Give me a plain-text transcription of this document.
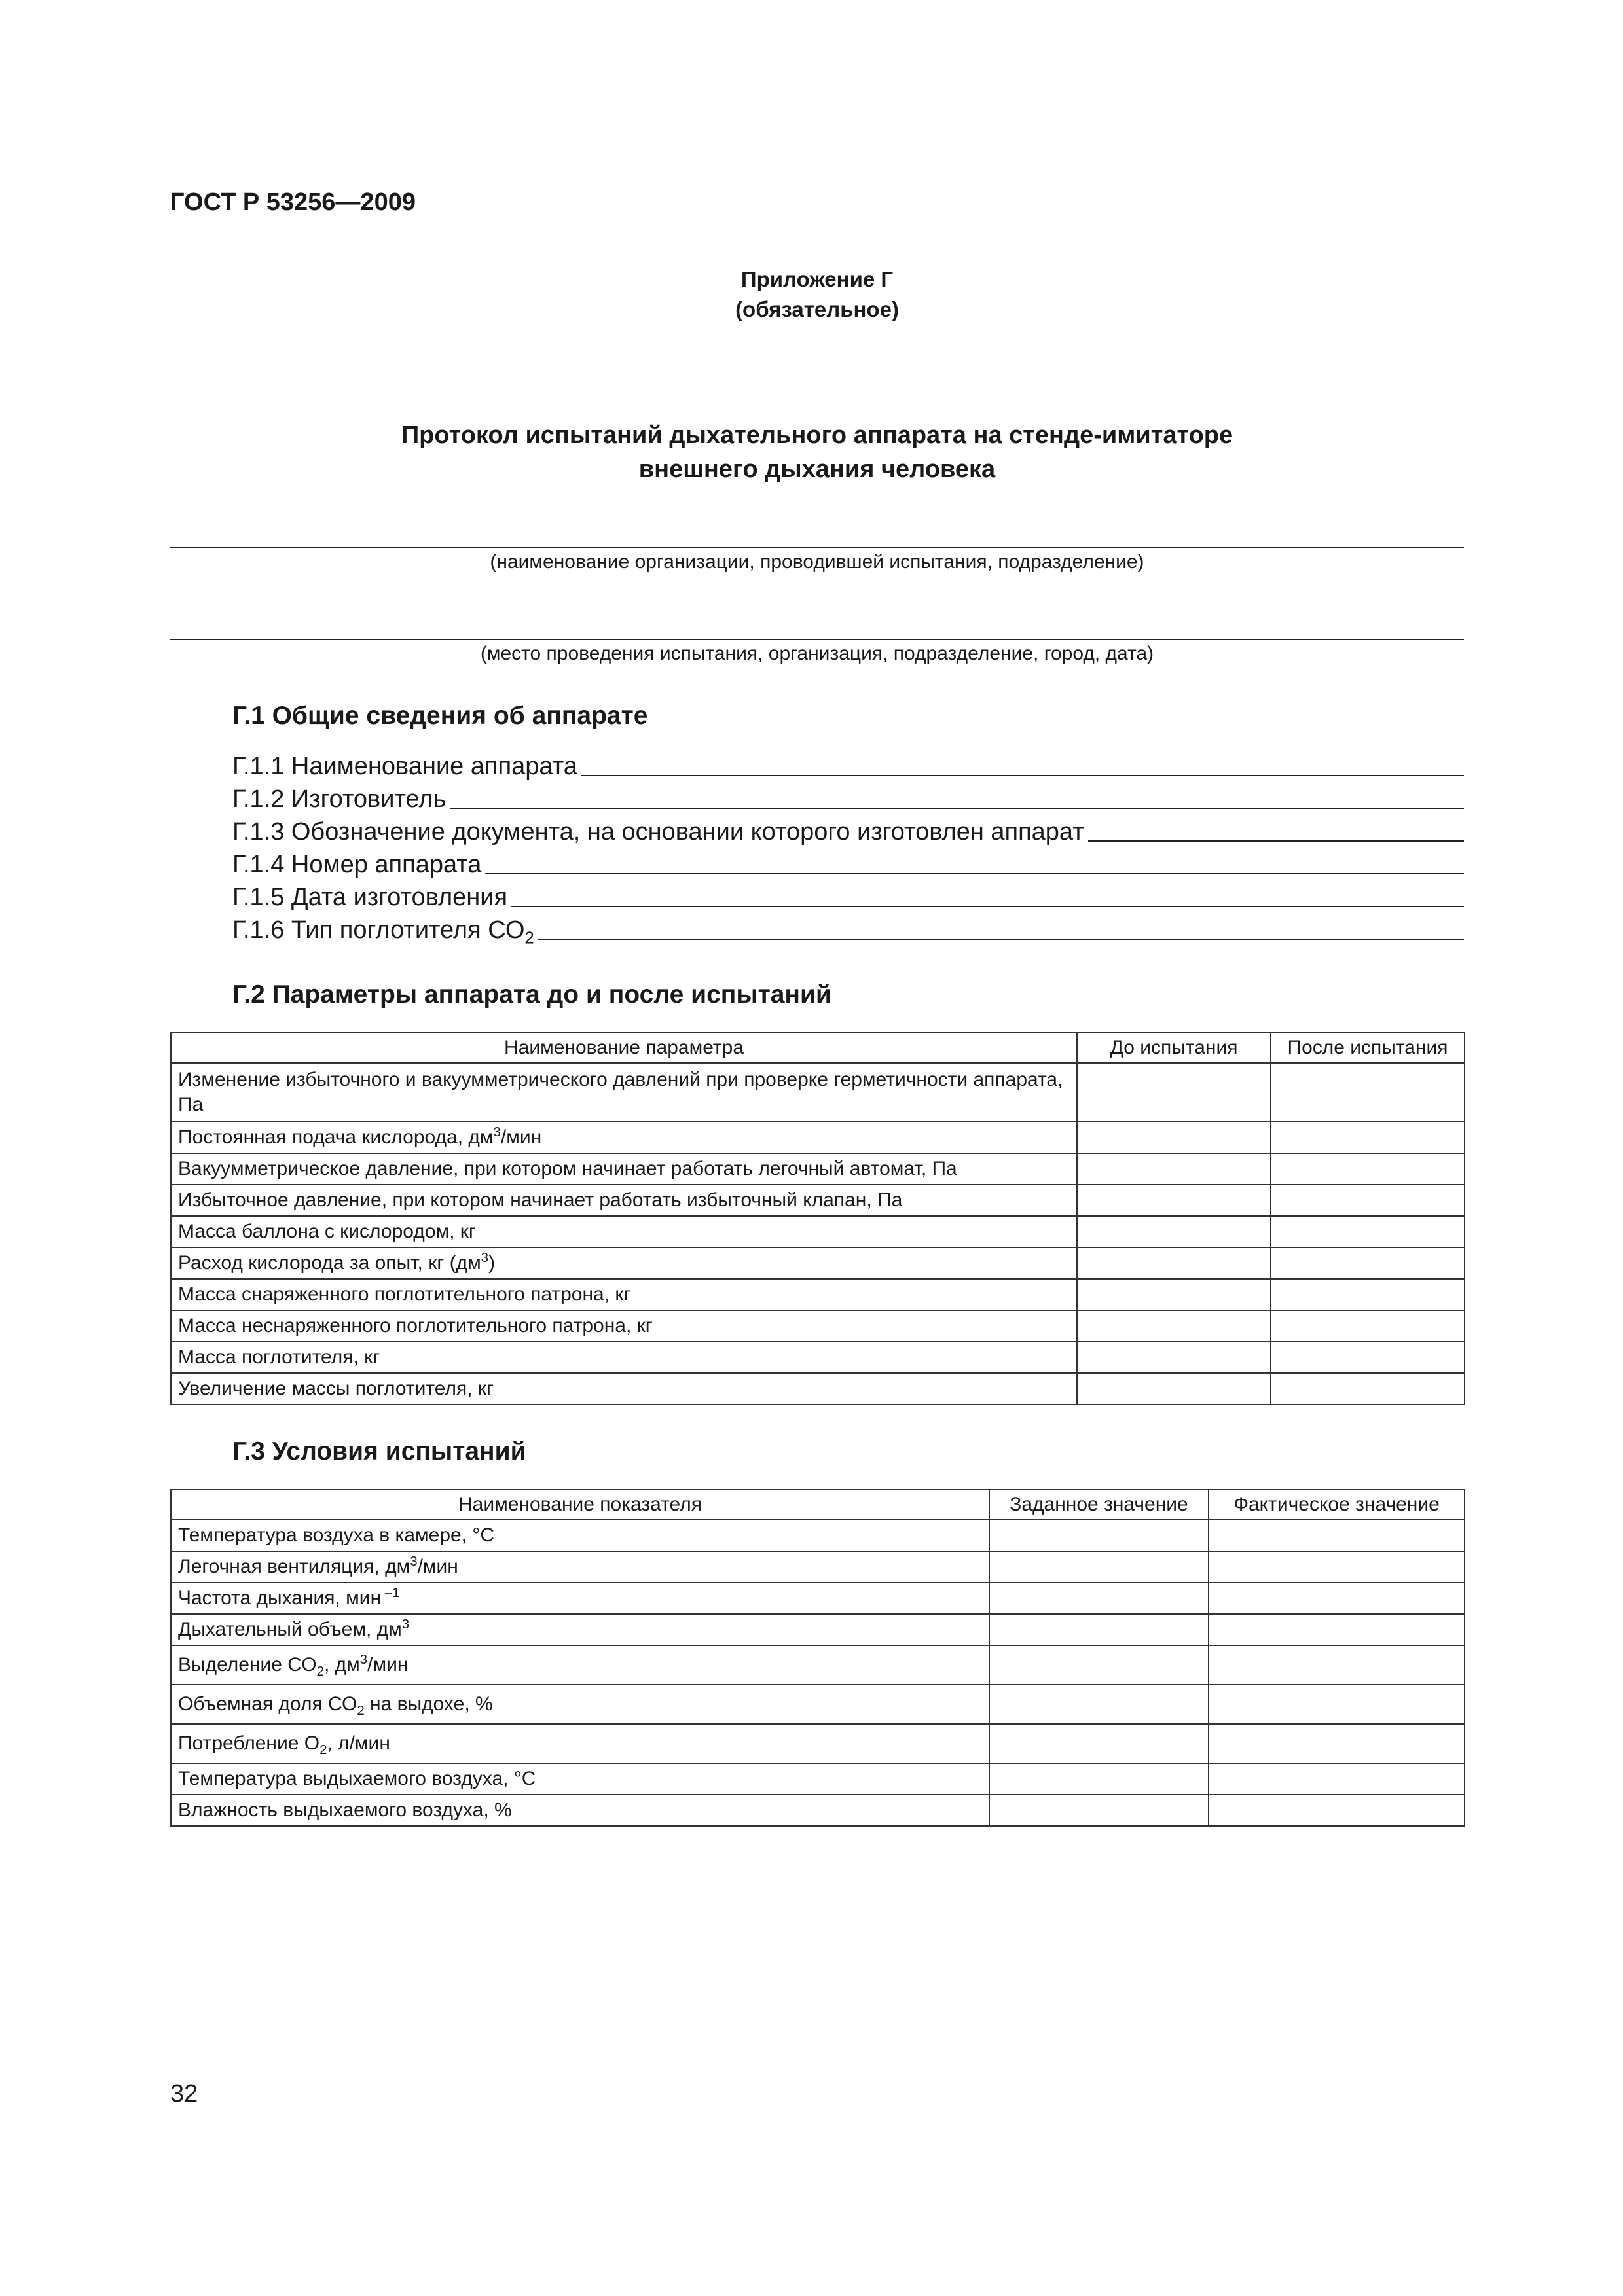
ГОСТ Р 53256—2009
Приложение Г
(обязательное)
Протокол испытаний дыхательного аппарата на стенде-имитаторе
внешнего дыхания человека
(наименование организации, проводившей испытания, подразделение)
(место проведения испытания, организация, подразделение, город, дата)
Г.1 Общие сведения об аппарате
Г.1.1 Наименование аппарата
Г.1.2 Изготовитель
Г.1.3 Обозначение документа, на основании которого изготовлен аппарат
Г.1.4 Номер аппарата
Г.1.5 Дата изготовления
Г.1.6 Тип поглотителя $СО_2$
Г.2 Параметры аппарата до и после испытаний
Наименование параметра	До испытания	После испытания
Изменение избыточного и вакуумметрического давлений при проверке герметичности аппарата, Па		
Постоянная подача кислорода, $дм^3$/мин		
Вакуумметрическое давление, при котором начинает работать легочный автомат, Па		
Избыточное давление, при котором начинает работать избыточный клапан, Па		
Масса баллона с кислородом, кг		
Расход кислорода за опыт, кг $(дм^3)$		
Масса снаряженного поглотительного патрона, кг		
Масса неснаряженного поглотительного патрона, кг		
Масса поглотителя, кг		
Увеличение массы поглотителя, кг		
Г.3 Условия испытаний
Наименование показателя	Заданное значение	Фактическое значение
Температура воздуха в камере, °С		
Легочная вентиляция, $дм^3$/мин		
Частота дыхания, мин $^{-1}$		
Дыхательный объем, $дм^3$		
Выделение $СО_2$, $дм^3$/мин		
Объемная доля $СО_2$ на выдохе, %		
Потребление $О_2$, л/мин		
Температура выдыхаемого воздуха, °С		
Влажность выдыхаемого воздуха, %		
32
